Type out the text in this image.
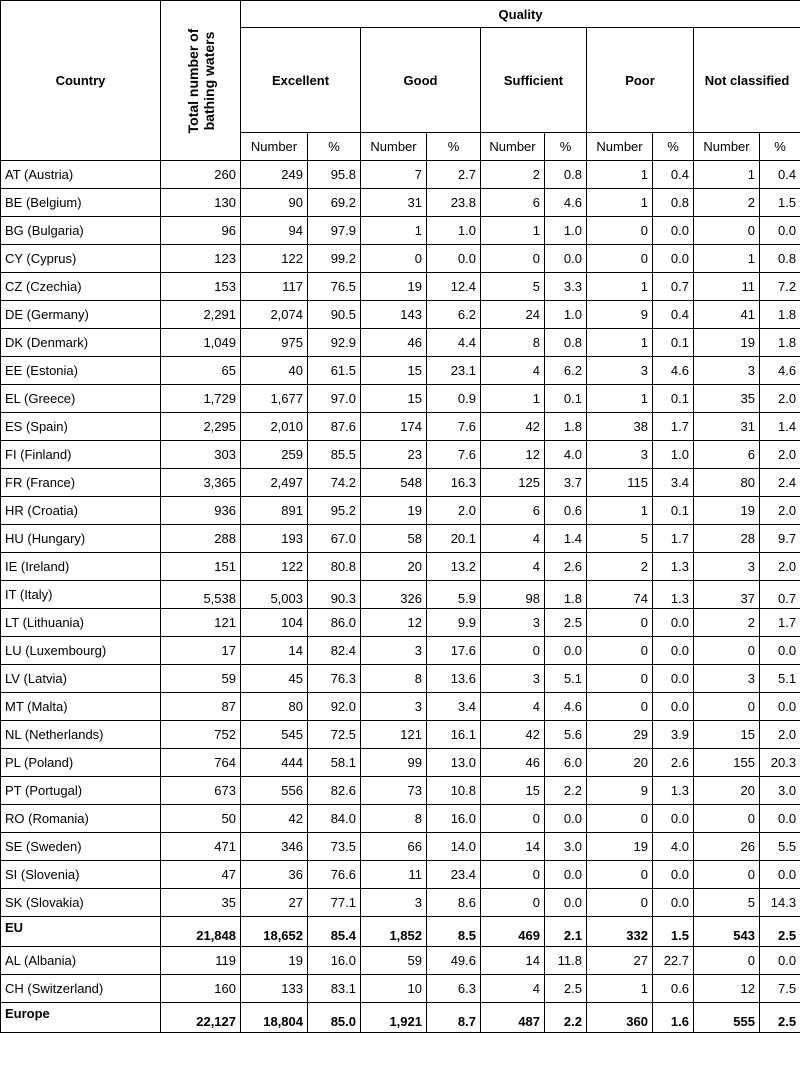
Country	Total number of bathing waters	Quality									
		Excellent		Good		Sufficient		Poor		Not classified	
		Number	%	Number	%	Number	%	Number	%	Number	%
AT (Austria)	260	249	95.8	7	2.7	2	0.8	1	0.4	1	0.4
BE (Belgium)	130	90	69.2	31	23.8	6	4.6	1	0.8	2	1.5
BG (Bulgaria)	96	94	97.9	1	1.0	1	1.0	0	0.0	0	0.0
CY (Cyprus)	123	122	99.2	0	0.0	0	0.0	0	0.0	1	0.8
CZ (Czechia)	153	117	76.5	19	12.4	5	3.3	1	0.7	11	7.2
DE (Germany)	2,291	2,074	90.5	143	6.2	24	1.0	9	0.4	41	1.8
DK (Denmark)	1,049	975	92.9	46	4.4	8	0.8	1	0.1	19	1.8
EE (Estonia)	65	40	61.5	15	23.1	4	6.2	3	4.6	3	4.6
EL (Greece)	1,729	1,677	97.0	15	0.9	1	0.1	1	0.1	35	2.0
ES (Spain)	2,295	2,010	87.6	174	7.6	42	1.8	38	1.7	31	1.4
FI (Finland)	303	259	85.5	23	7.6	12	4.0	3	1.0	6	2.0
FR (France)	3,365	2,497	74.2	548	16.3	125	3.7	115	3.4	80	2.4
HR (Croatia)	936	891	95.2	19	2.0	6	0.6	1	0.1	19	2.0
HU (Hungary)	288	193	67.0	58	20.1	4	1.4	5	1.7	28	9.7
IE (Ireland)	151	122	80.8	20	13.2	4	2.6	2	1.3	3	2.0
IT (Italy)	5,538	5,003	90.3	326	5.9	98	1.8	74	1.3	37	0.7
LT (Lithuania)	121	104	86.0	12	9.9	3	2.5	0	0.0	2	1.7
LU (Luxembourg)	17	14	82.4	3	17.6	0	0.0	0	0.0	0	0.0
LV (Latvia)	59	45	76.3	8	13.6	3	5.1	0	0.0	3	5.1
MT (Malta)	87	80	92.0	3	3.4	4	4.6	0	0.0	0	0.0
NL (Netherlands)	752	545	72.5	121	16.1	42	5.6	29	3.9	15	2.0
PL (Poland)	764	444	58.1	99	13.0	46	6.0	20	2.6	155	20.3
PT (Portugal)	673	556	82.6	73	10.8	15	2.2	9	1.3	20	3.0
RO (Romania)	50	42	84.0	8	16.0	0	0.0	0	0.0	0	0.0
SE (Sweden)	471	346	73.5	66	14.0	14	3.0	19	4.0	26	5.5
SI (Slovenia)	47	36	76.6	11	23.4	0	0.0	0	0.0	0	0.0
SK (Slovakia)	35	27	77.1	3	8.6	0	0.0	0	0.0	5	14.3
EU	21,848	18,652	85.4	1,852	8.5	469	2.1	332	1.5	543	2.5
AL (Albania)	119	19	16.0	59	49.6	14	11.8	27	22.7	0	0.0
CH (Switzerland)	160	133	83.1	10	6.3	4	2.5	1	0.6	12	7.5
Europe	22,127	18,804	85.0	1,921	8.7	487	2.2	360	1.6	555	2.5
